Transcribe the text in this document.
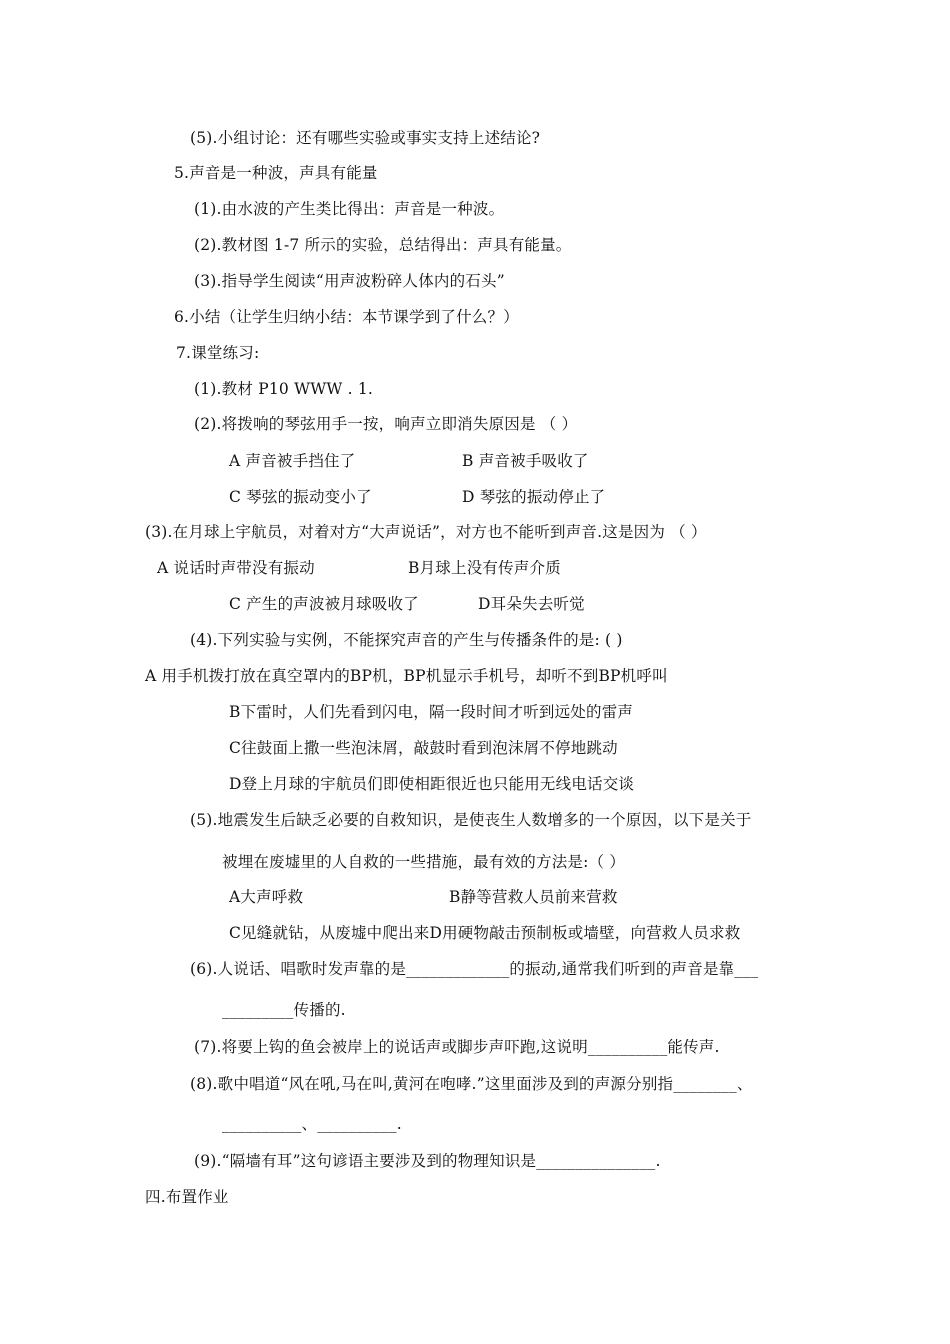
(5).小组讨论：还有哪些实验或事实支持上述结论?
5.声音是一种波，声具有能量
(1).由水波的产生类比得出：声音是一种波。
(2).教材图 1-7 所示的实验，总结得出：声具有能量。
(3).指导学生阅读“用声波粉碎人体内的石头”
6.小结（让学生归纳小结：本节课学到了什么？）
7.课堂练习:
(1).教材 P10 WWW . 1.
(2).将拨响的琴弦用手一按，响声立即消失原因是 （ ）
A 声音被手挡住了	B 声音被手吸收了
C 琴弦的振动变小了	D 琴弦的振动停止了
(3).在月球上宇航员，对着对方“大声说话”，对方也不能听到声音.这是因为 （ ）
A 说话时声带没有振动	B月球上没有传声介质
C 产生的声波被月球吸收了	D耳朵失去听觉
(4).下列实验与实例，不能探究声音的产生与传播条件的是: ( )
A 用手机拨打放在真空罩内的BP机，BP机显示手机号，却听不到BP机呼叫
B下雷时，人们先看到闪电，隔一段时间才听到远处的雷声
C往鼓面上撒一些泡沫屑，敲鼓时看到泡沫屑不停地跳动
D登上月球的宇航员们即使相距很近也只能用无线电话交谈
(5).地震发生后缺乏必要的自救知识，是使丧生人数增多的一个原因，以下是关于
被埋在废墟里的人自救的一些措施，最有效的方法是:（ ）
A大声呼救	B静等营救人员前来营救
C见缝就钻，从废墟中爬出来D用硬物敲击预制板或墙壁，向营救人员求救
(6).人说话、唱歌时发声靠的是_____________的振动,通常我们听到的声音是靠___
_________传播的.
(7).将要上钩的鱼会被岸上的说话声或脚步声吓跑,这说明__________能传声.
(8).歌中唱道“风在吼,马在叫,黄河在咆哮.”这里面涉及到的声源分别指________、
__________、__________.
(9).“隔墙有耳”这句谚语主要涉及到的物理知识是_______________.
四.布置作业
